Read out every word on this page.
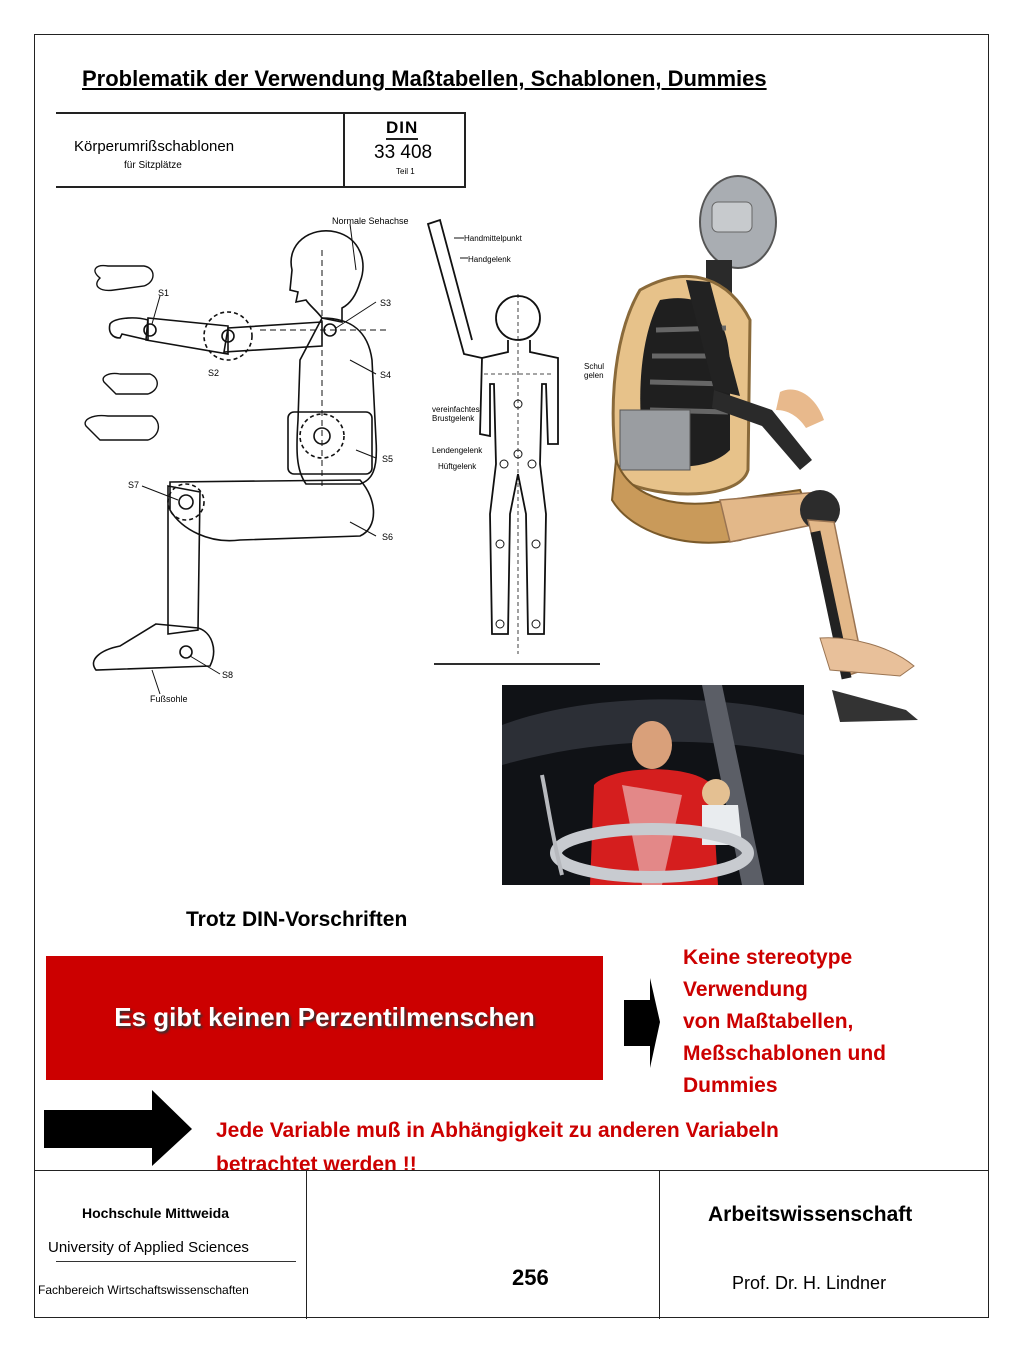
Problematik der Verwendung Maßtabellen, Schablonen, Dummies
Körperumrißschablonen
für Sitzplätze
DIN
33 408
Teil 1
Normale Sehachse
S1
S2
S3
S4
S5
S6
S7
S8
Fußsohle
Handmittelpunkt
Handgelenk
Schul gelen
vereinfachtes Brustgelenk
Lendengelenk
Hüftgelenk
Trotz DIN-Vorschriften
Es gibt keinen Perzentilmenschen
Keine stereotype
Verwendung
von Maßtabellen,
Meßschablonen und
Dummies
Jede Variable muß in Abhängigkeit zu anderen Variabeln
betrachtet werden !!
Hochschule Mittweida
University of Applied Sciences
Fachbereich Wirtschaftswissenschaften	256
Arbeitswissenschaft
Prof. Dr. H. Lindner
